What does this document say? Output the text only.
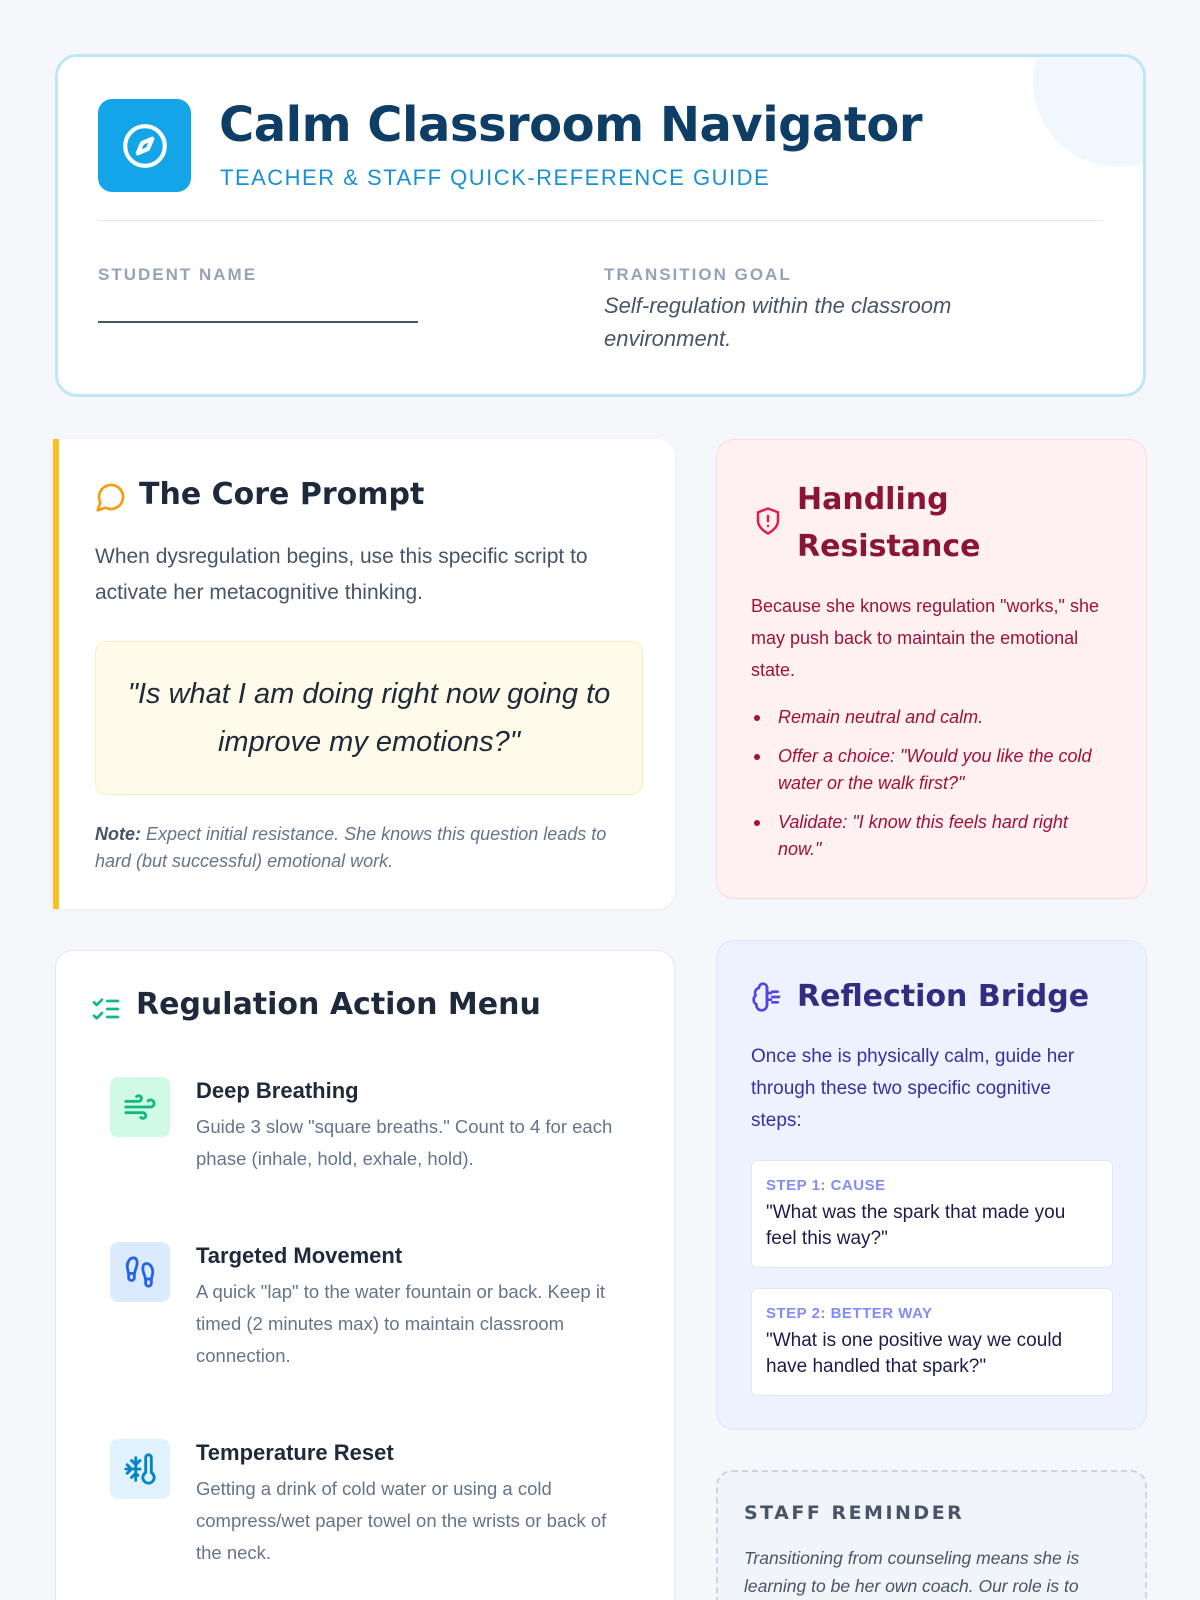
Calm Classroom Navigator
TEACHER & STAFF QUICK-REFERENCE GUIDE
STUDENT NAME	TRANSITION GOAL
Self-regulation within the classroom environment.
The Core Prompt
When dysregulation begins, use this specific script to activate her metacognitive thinking.
"Is what I am doing right now going to improve my emotions?"
Note: Expect initial resistance. She knows this question leads to hard (but successful) emotional work.
Handling Resistance
Because she knows regulation "works," she may push back to maintain the emotional state.
Remain neutral and calm.
Offer a choice: "Would you like the cold water or the walk first?"
Validate: "I know this feels hard right now."
Regulation Action Menu
Deep Breathing
Guide 3 slow "square breaths." Count to 4 for each phase (inhale, hold, exhale, hold).
Targeted Movement
A quick "lap" to the water fountain or back. Keep it timed (2 minutes max) to maintain classroom connection.
Temperature Reset
Getting a drink of cold water or using a cold compress/wet paper towel on the wrists or back of the neck.
Reflection Bridge
Once she is physically calm, guide her through these two specific cognitive steps:
STEP 1: CAUSE
"What was the spark that made you feel this way?"
STEP 2: BETTER WAY
"What is one positive way we could have handled that spark?"
STAFF REMINDER
Transitioning from counseling means she is learning to be her own coach. Our role is to
